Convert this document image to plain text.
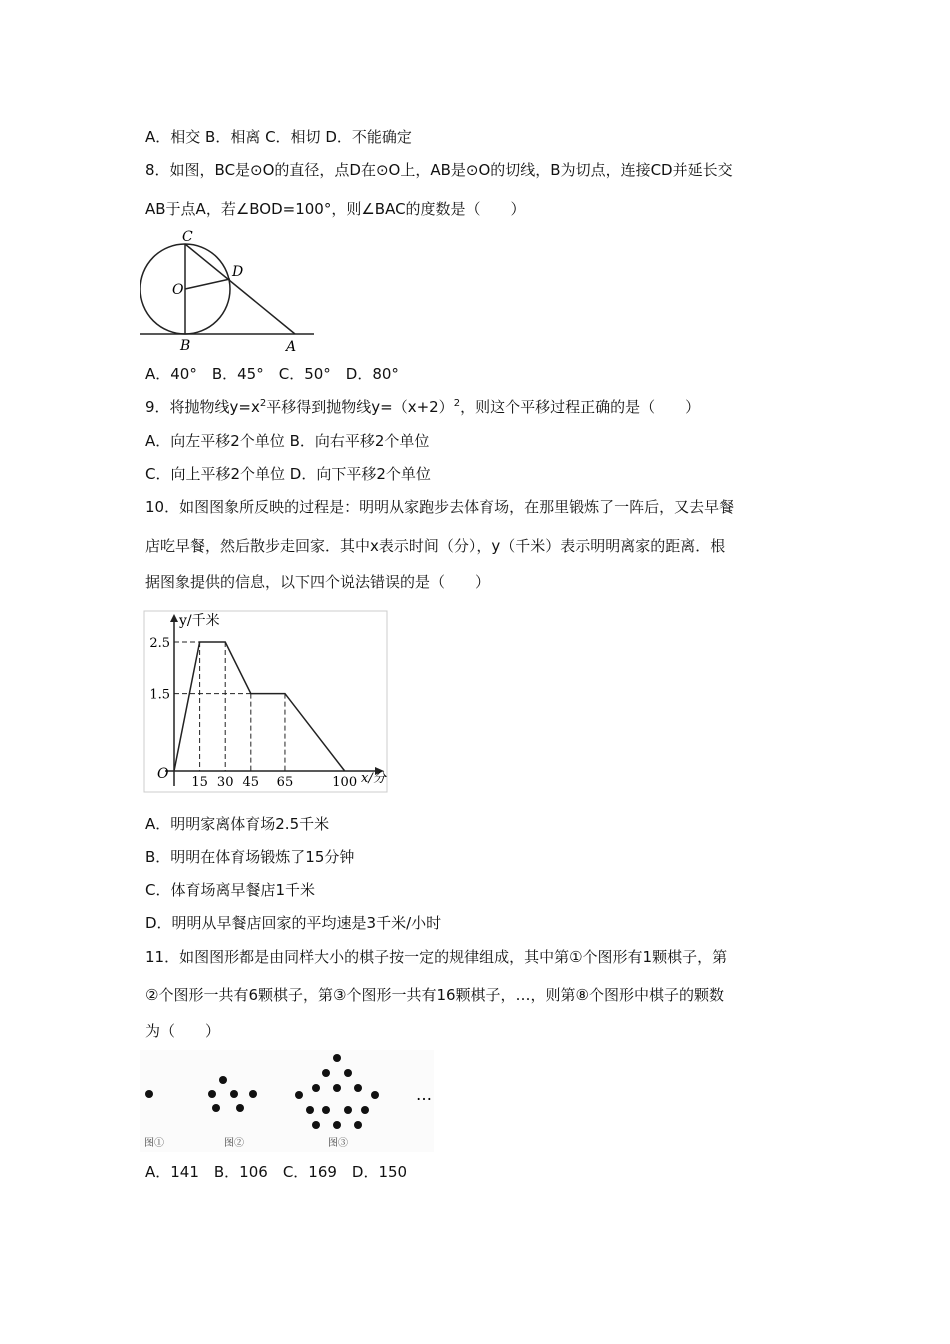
A．相交 B．相离 C．相切 D．不能确定
8．如图，BC是⊙O的直径，点D在⊙O上，AB是⊙O的切线，B为切点，连接CD并延长交
AB于点A，若∠BOD=100°，则∠BAC的度数是（　　）
C
O
D
B	A
A．40°　B．45°　C．50°　D．80°
9．将抛物线$y=x^2$平移得到抛物线$y=(x+2)^2$，则这个平移过程正确的是（　　）
A．向左平移2个单位 B．向右平移2个单位
C．向上平移2个单位 D．向下平移2个单位
10．如图图象所反映的过程是：明明从家跑步去体育场，在那里锻炼了一阵后，又去早餐
店吃早餐，然后散步走回家．其中x表示时间（分），y（千米）表示明明离家的距离．根
据图象提供的信息，以下四个说法错误的是（　　）
y/千米
x/分
O
15 30 45 65	100
1.5
2.5
A．明明家离体育场2.5千米
B．明明在体育场锻炼了15分钟
C．体育场离早餐店1千米
D．明明从早餐店回家的平均速是3千米/小时
11．如图图形都是由同样大小的棋子按一定的规律组成，其中第①个图形有1颗棋子，第
②个图形一共有6颗棋子，第③个图形一共有16颗棋子，…，则第⑧个图形中棋子的颗数
为（　　）
…
图①	图②	图③
A．141　B．106　C．169　D．150
